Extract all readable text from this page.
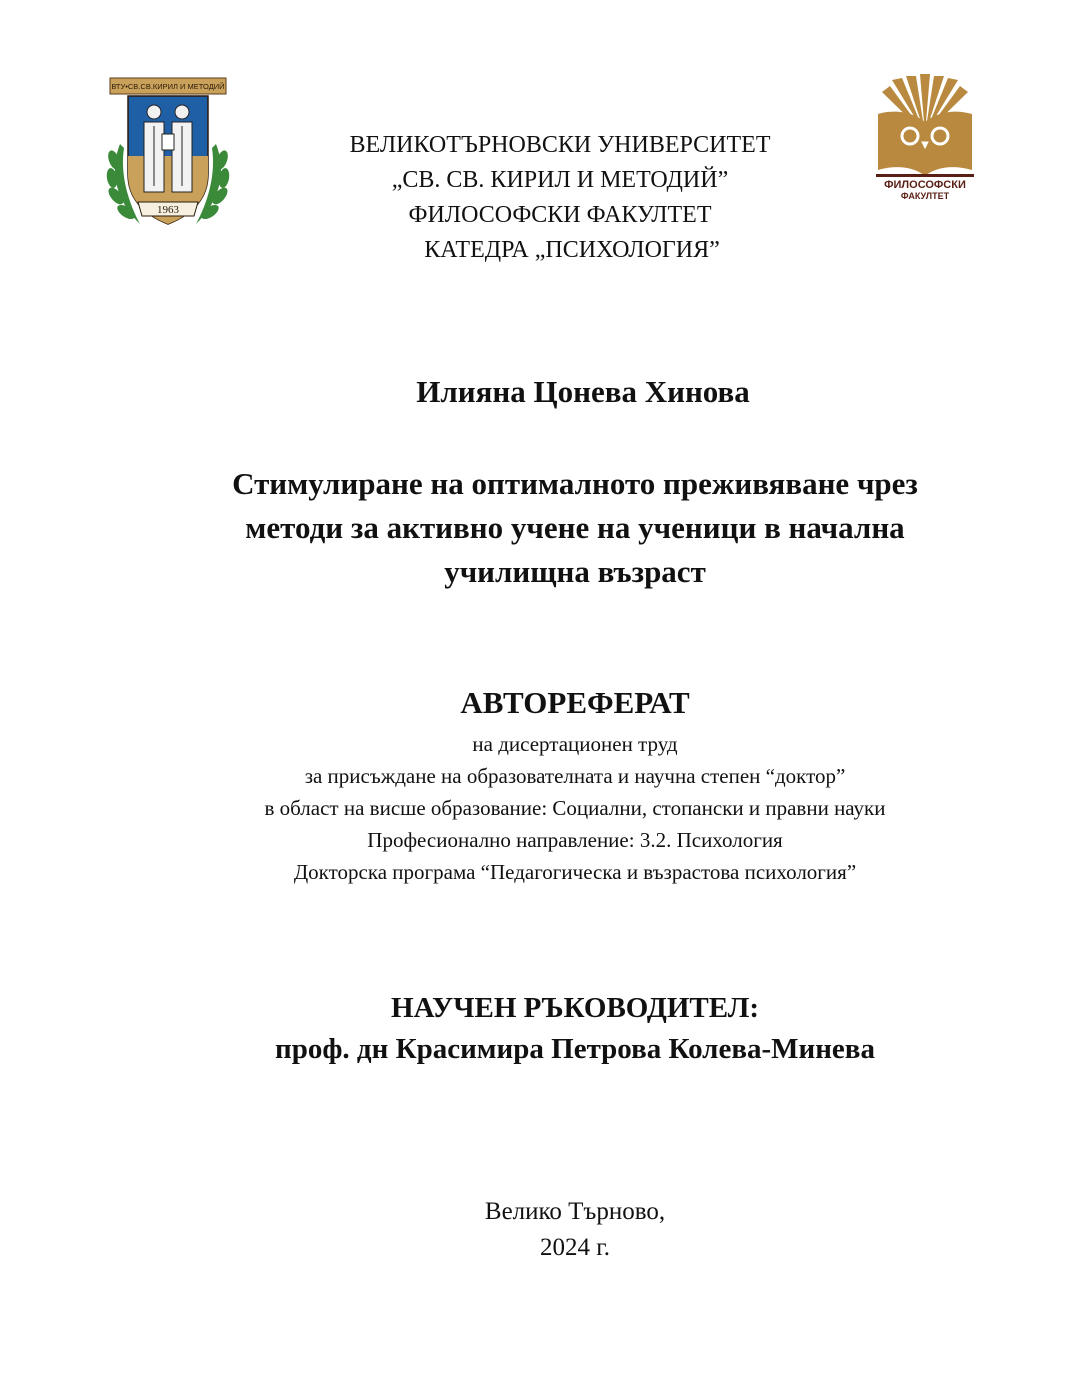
ВТУ•СВ.СВ.КИРИЛ И МЕТОДИЙ
1963
ФИЛОСОФСКИ
ФАКУЛТЕТ
ВЕЛИКОТЪРНОВСКИ УНИВЕРСИТЕТ
„СВ. СВ. КИРИЛ И МЕТОДИЙ”
ФИЛОСОФСКИ ФАКУЛТЕТ
КАТЕДРА „ПСИХОЛОГИЯ”
Илияна Цонева Хинова
Стимулиране на оптималното преживяване чрез
методи за активно учене на ученици в начална
училищна възраст
АВТОРЕФЕРАТ
на дисертационен труд
за присъждане на образователната и научна степен “доктор”
в област на висше образование: Социални, стопански и правни науки
Професионално направление: 3.2. Психология
Докторска програма “Педагогическа и възрастова психология”
НАУЧЕН РЪКОВОДИТЕЛ:
проф. дн Красимира Петрова Колева-Минева
Велико Търново,
2024 г.
